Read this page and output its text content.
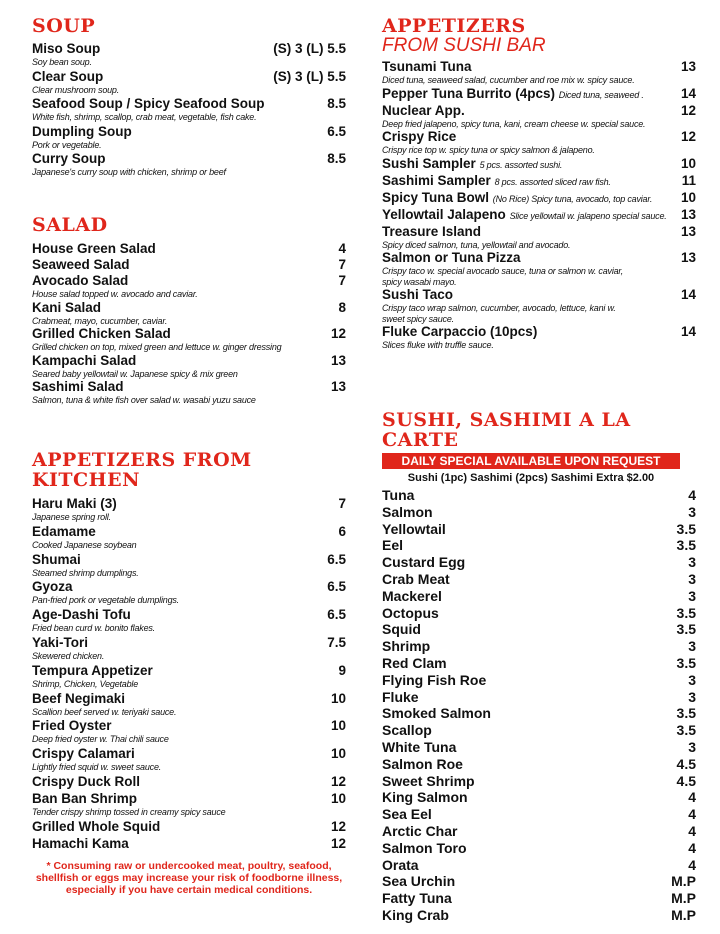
SOUP
Miso Soup	(S) 3 (L) 5.5
Soy bean soup.
Clear Soup	(S) 3 (L) 5.5
Clear mushroom soup.
Seafood Soup / Spicy Seafood Soup	8.5
White fish, shrimp, scallop, crab meat, vegetable, fish cake.
Dumpling Soup	6.5
Pork or vegetable.
Curry Soup	8.5
Japanese's curry soup with chicken, shrimp or beef
SALAD
House Green Salad	4
Seaweed Salad	7
Avocado Salad	7
House salad topped w. avocado and caviar.
Kani Salad	8
Crabmeat, mayo, cucumber, caviar.
Grilled Chicken Salad	12
Grilled chicken on top, mixed green and lettuce w. ginger dressing
Kampachi Salad	13
Seared baby yellowtail w. Japanese spicy & mix green
Sashimi Salad	13
Salmon, tuna & white fish over salad w. wasabi yuzu sauce
APPETIZERS FROM KITCHEN
Haru Maki (3)	7
Japanese spring roll.
Edamame	6
Cooked Japanese soybean
Shumai	6.5
Steamed shrimp dumplings.
Gyoza	6.5
Pan-fried pork or vegetable dumplings.
Age-Dashi Tofu	6.5
Fried bean curd w. bonito flakes.
Yaki-Tori	7.5
Skewered chicken.
Tempura Appetizer	9
Shrimp, Chicken, Vegetable
Beef Negimaki	10
Scallion beef served w. teriyaki sauce.
Fried Oyster	10
Deep fried oyster w. Thai chili sauce
Crispy Calamari	10
Lightly fried squid w. sweet sauce.
Crispy Duck Roll	12
Ban Ban Shrimp	10
Tender crispy shrimp tossed in creamy spicy sauce
Grilled Whole Squid	12
Hamachi Kama	12
* Consuming raw or undercooked meat, poultry, seafood, shellfish or eggs may increase your risk of foodborne illness, especially if you have certain medical conditions.
APPETIZERS
FROM SUSHI BAR
Tsunami Tuna	13
Diced tuna, seaweed salad, cucumber and roe mix w. spicy sauce.
Pepper Tuna Burrito (4pcs) Diced tuna, seaweed .	14
Nuclear App.	12
Deep fried jalapeno, spicy tuna, kani, cream cheese w. special sauce.
Crispy Rice	12
Crispy rice top w. spicy tuna or spicy salmon & jalapeno.
Sushi Sampler 5 pcs. assorted sushi.	10
Sashimi Sampler 8 pcs. assorted sliced raw fish.	11
Spicy Tuna Bowl (No Rice) Spicy tuna, avocado, top caviar. 10
Yellowtail Jalapeno Slice yellowtail w. jalapeno special sauce. 13
Treasure Island	13
Spicy diced salmon, tuna, yellowtail and avocado.
Salmon or Tuna Pizza	13
Crispy taco w. special avocado sauce, tuna or salmon w. caviar, spicy wasabi mayo.
Sushi Taco	14
Crispy taco wrap salmon, cucumber, avocado, lettuce, kani w. sweet spicy sauce.
Fluke Carpaccio (10pcs)	14
Slices fluke with truffle sauce.
SUSHI, SASHIMI A LA CARTE
DAILY SPECIAL AVAILABLE UPON REQUEST
Sushi (1pc) Sashimi (2pcs) Sashimi Extra $2.00
Tuna	4
Salmon	3
Yellowtail	3.5
Eel	3.5
Custard Egg	3
Crab Meat	3
Mackerel	3
Octopus	3.5
Squid	3.5
Shrimp	3
Red Clam	3.5
Flying Fish Roe	3
Fluke	3
Smoked Salmon	3.5
Scallop	3.5
White Tuna	3
Salmon Roe	4.5
Sweet Shrimp	4.5
King Salmon	4
Sea Eel	4
Arctic Char	4
Salmon Toro	4
Orata	4
Sea Urchin	M.P
Fatty Tuna	M.P
King Crab	M.P
